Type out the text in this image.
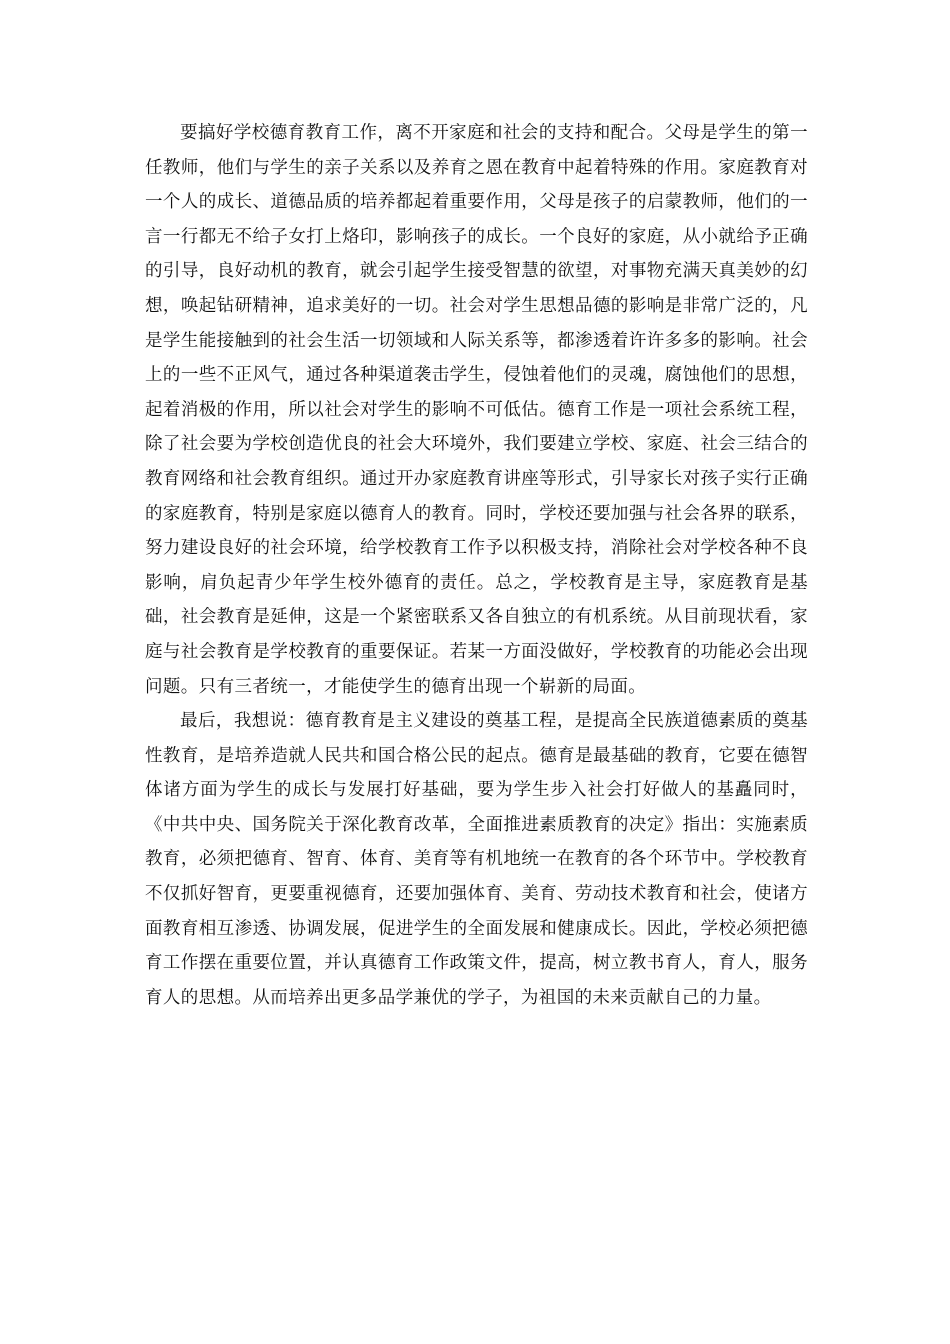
要搞好学校德育教育工作，离不开家庭和社会的支持和配合。父母是学生的第一任教师，他们与学生的亲子关系以及养育之恩在教育中起着特殊的作用。家庭教育对一个人的成长、道德品质的培养都起着重要作用，父母是孩子的启蒙教师，他们的一言一行都无不给子女打上烙印，影响孩子的成长。一个良好的家庭，从小就给予正确的引导，良好动机的教育，就会引起学生接受智慧的欲望，对事物充满天真美妙的幻想，唤起钻研精神，追求美好的一切。社会对学生思想品德的影响是非常广泛的，凡是学生能接触到的社会生活一切领域和人际关系等，都渗透着许许多多的影响。社会上的一些不正风气，通过各种渠道袭击学生，侵蚀着他们的灵魂，腐蚀他们的思想，起着消极的作用，所以社会对学生的影响不可低估。德育工作是一项社会系统工程，除了社会要为学校创造优良的社会大环境外，我们要建立学校、家庭、社会三结合的教育网络和社会教育组织。通过开办家庭教育讲座等形式，引导家长对孩子实行正确的家庭教育，特别是家庭以德育人的教育。同时，学校还要加强与社会各界的联系，努力建设良好的社会环境，给学校教育工作予以积极支持，消除社会对学校各种不良影响，肩负起青少年学生校外德育的责任。总之，学校教育是主导，家庭教育是基础，社会教育是延伸，这是一个紧密联系又各自独立的有机系统。从目前现状看，家庭与社会教育是学校教育的重要保证。若某一方面没做好，学校教育的功能必会出现问题。只有三者统一，才能使学生的德育出现一个崭新的局面。

最后，我想说：德育教育是主义建设的奠基工程，是提高全民族道德素质的奠基性教育，是培养造就人民共和国合格公民的起点。德育是最基础的教育，它要在德智体诸方面为学生的成长与发展打好基础，要为学生步入社会打好做人的基矗同时，《中共中央、国务院关于深化教育改革，全面推进素质教育的决定》指出：实施素质教育，必须把德育、智育、体育、美育等有机地统一在教育的各个环节中。学校教育不仅抓好智育，更要重视德育，还要加强体育、美育、劳动技术教育和社会，使诸方面教育相互渗透、协调发展，促进学生的全面发展和健康成长。因此，学校必须把德育工作摆在重要位置，并认真德育工作政策文件，提高，树立教书育人，育人，服务育人的思想。从而培养出更多品学兼优的学子，为祖国的未来贡献自己的力量。
